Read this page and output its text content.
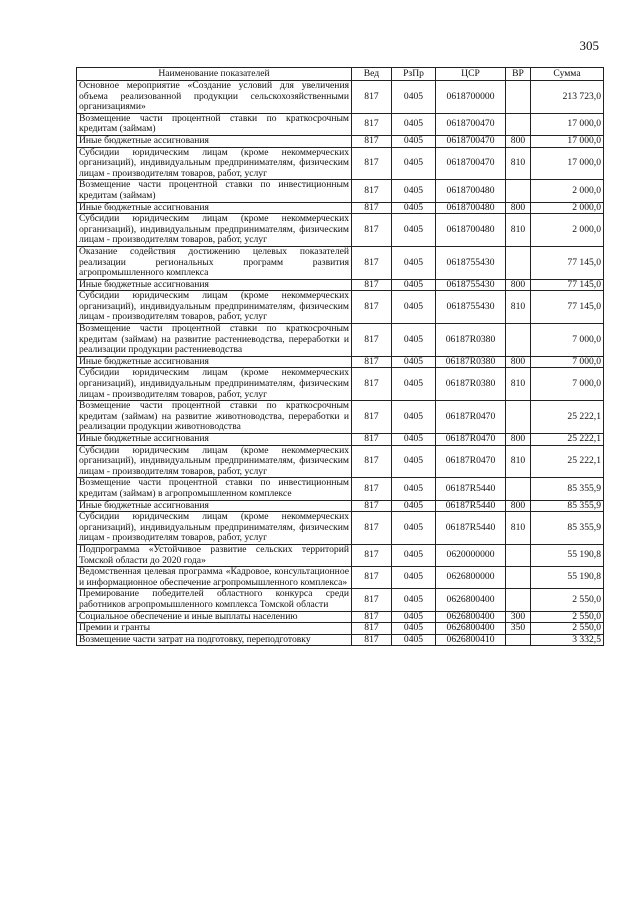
305
Наименование показателей	Вед	РзПр	ЦСР	ВР	Сумма
Основное мероприятие «Создание условий для увеличения объема реализованной продукции сельскохозяйственными организациями»	817	0405	0618700000		213 723,0
Возмещение части процентной ставки по краткосрочным кредитам (займам)	817	0405	0618700470		17 000,0
Иные бюджетные ассигнования	817	0405	0618700470	800	17 000,0
Субсидии юридическим лицам (кроме некоммерческих организаций), индивидуальным предпринимателям, физическим лицам - производителям товаров, работ, услуг	817	0405	0618700470	810	17 000,0
Возмещение части процентной ставки по инвестиционным кредитам (займам)	817	0405	0618700480		2 000,0
Иные бюджетные ассигнования	817	0405	0618700480	800	2 000,0
Субсидии юридическим лицам (кроме некоммерческих организаций), индивидуальным предпринимателям, физическим лицам - производителям товаров, работ, услуг	817	0405	0618700480	810	2 000,0
Оказание содействия достижению целевых показателей реализации региональных программ развития агропромышленного комплекса	817	0405	0618755430		77 145,0
Иные бюджетные ассигнования	817	0405	0618755430	800	77 145,0
Субсидии юридическим лицам (кроме некоммерческих организаций), индивидуальным предпринимателям, физическим лицам - производителям товаров, работ, услуг	817	0405	0618755430	810	77 145,0
Возмещение части процентной ставки по краткосрочным кредитам (займам) на развитие растениеводства, переработки и реализации продукции растениеводства	817	0405	06187R0380		7 000,0
Иные бюджетные ассигнования	817	0405	06187R0380	800	7 000,0
Субсидии юридическим лицам (кроме некоммерческих организаций), индивидуальным предпринимателям, физическим лицам - производителям товаров, работ, услуг	817	0405	06187R0380	810	7 000,0
Возмещение части процентной ставки по краткосрочным кредитам (займам) на развитие животноводства, переработки и реализации продукции животноводства	817	0405	06187R0470		25 222,1
Иные бюджетные ассигнования	817	0405	06187R0470	800	25 222,1
Субсидии юридическим лицам (кроме некоммерческих организаций), индивидуальным предпринимателям, физическим лицам - производителям товаров, работ, услуг	817	0405	06187R0470	810	25 222,1
Возмещение части процентной ставки по инвестиционным кредитам (займам) в агропромышленном комплексе	817	0405	06187R5440		85 355,9
Иные бюджетные ассигнования	817	0405	06187R5440	800	85 355,9
Субсидии юридическим лицам (кроме некоммерческих организаций), индивидуальным предпринимателям, физическим лицам - производителям товаров, работ, услуг	817	0405	06187R5440	810	85 355,9
Подпрограмма «Устойчивое развитие сельских территорий Томской области до 2020 года»	817	0405	0620000000		55 190,8
Ведомственная целевая программа «Кадровое, консультационное и информационное обеспечение агропромышленного комплекса»	817	0405	0626800000		55 190,8
Премирование победителей областного конкурса среди работников агропромышленного комплекса Томской области	817	0405	0626800400		2 550,0
Социальное обеспечение и иные выплаты населению	817	0405	0626800400	300	2 550,0
Премии и гранты	817	0405	0626800400	350	2 550,0
Возмещение части затрат на подготовку, переподготовку	817	0405	0626800410		3 332,5
